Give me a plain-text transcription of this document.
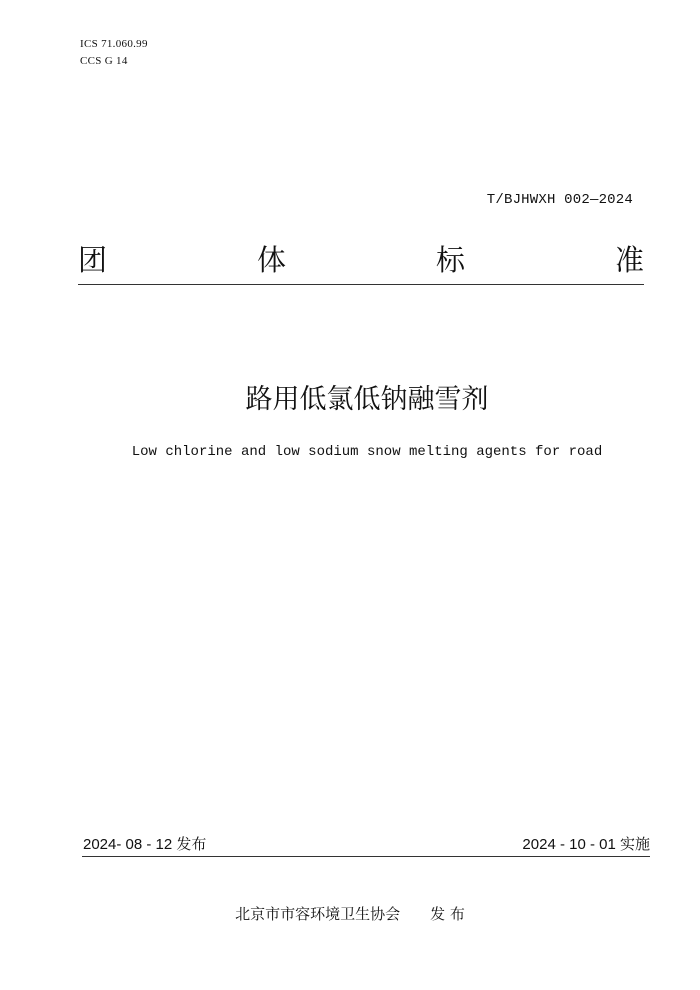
ICS 71.060.99
CCS G 14
T/BJHWXH 002—2024
团	体	标	准
路用低氯低钠融雪剂
Low chlorine and low sodium snow melting agents for road
2024- 08 - 12 发布	2024 - 10 - 01 实施
北京市市容环境卫生协会 发 布
